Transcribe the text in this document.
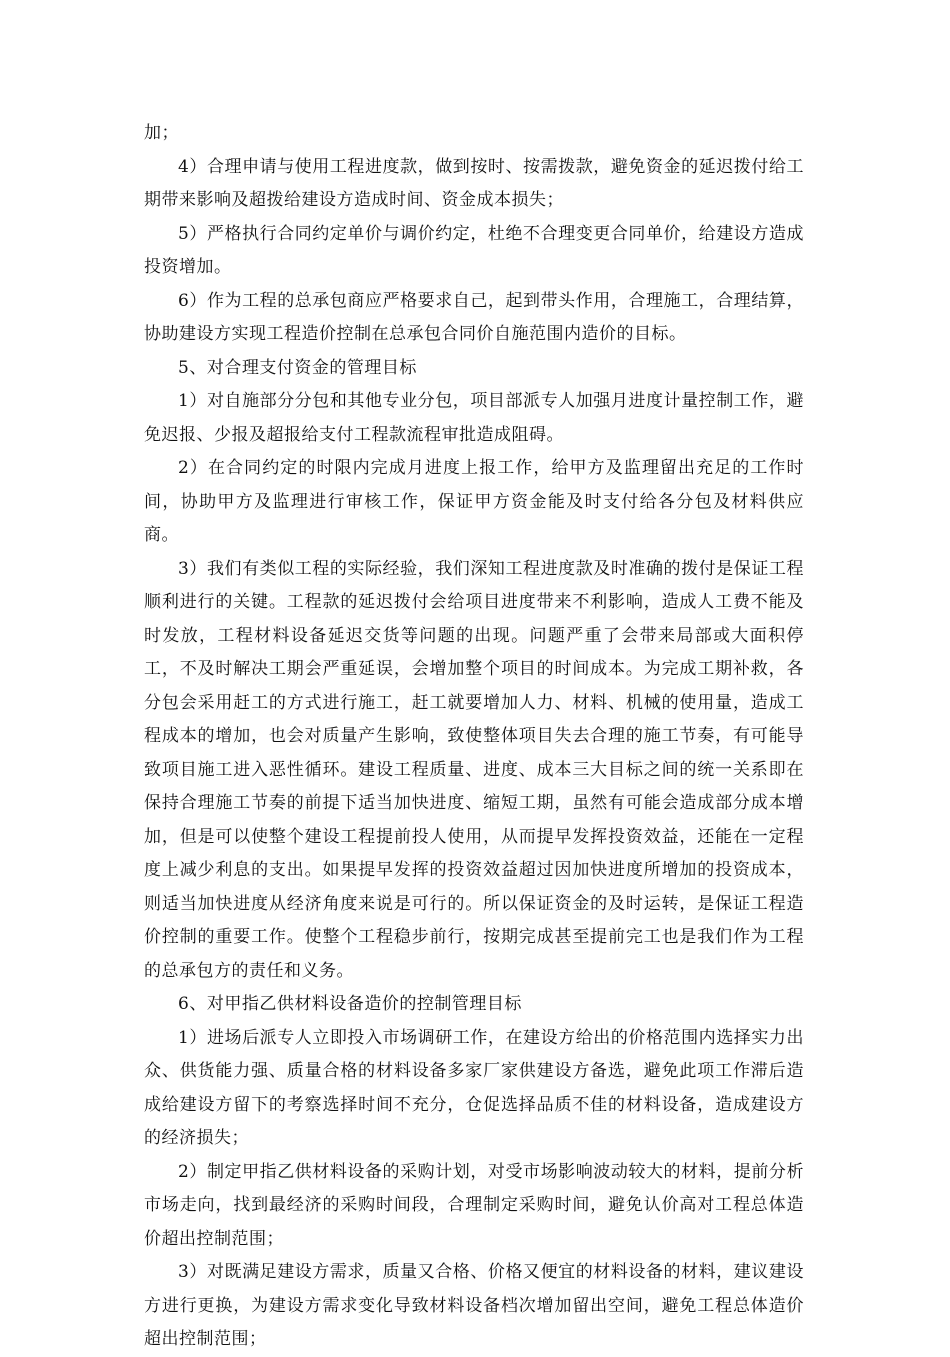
加；

4）合理申请与使用工程进度款，做到按时、按需拨款，避免资金的延迟拨付给工期带来影响及超拨给建设方造成时间、资金成本损失；

5）严格执行合同约定单价与调价约定，杜绝不合理变更合同单价，给建设方造成投资增加。

6）作为工程的总承包商应严格要求自己，起到带头作用，合理施工，合理结算，协助建设方实现工程造价控制在总承包合同价自施范围内造价的目标。

5、对合理支付资金的管理目标

1）对自施部分分包和其他专业分包，项目部派专人加强月进度计量控制工作，避免迟报、少报及超报给支付工程款流程审批造成阻碍。

2）在合同约定的时限内完成月进度上报工作，给甲方及监理留出充足的工作时间，协助甲方及监理进行审核工作，保证甲方资金能及时支付给各分包及材料供应商。

3）我们有类似工程的实际经验，我们深知工程进度款及时准确的拨付是保证工程顺利进行的关键。工程款的延迟拨付会给项目进度带来不利影响，造成人工费不能及时发放，工程材料设备延迟交货等问题的出现。问题严重了会带来局部或大面积停工，不及时解决工期会严重延误，会增加整个项目的时间成本。为完成工期补救，各分包会采用赶工的方式进行施工，赶工就要增加人力、材料、机械的使用量，造成工程成本的增加，也会对质量产生影响，致使整体项目失去合理的施工节奏，有可能导致项目施工进入恶性循环。建设工程质量、进度、成本三大目标之间的统一关系即在保持合理施工节奏的前提下适当加快进度、缩短工期，虽然有可能会造成部分成本增加，但是可以使整个建设工程提前投人使用，从而提早发挥投资效益，还能在一定程度上减少利息的支出。如果提早发挥的投资效益超过因加快进度所增加的投资成本，则适当加快进度从经济角度来说是可行的。所以保证资金的及时运转，是保证工程造价控制的重要工作。使整个工程稳步前行，按期完成甚至提前完工也是我们作为工程的总承包方的责任和义务。

6、对甲指乙供材料设备造价的控制管理目标

1）进场后派专人立即投入市场调研工作，在建设方给出的价格范围内选择实力出众、供货能力强、质量合格的材料设备多家厂家供建设方备选，避免此项工作滞后造成给建设方留下的考察选择时间不充分，仓促选择品质不佳的材料设备，造成建设方的经济损失；

2）制定甲指乙供材料设备的采购计划，对受市场影响波动较大的材料，提前分析市场走向，找到最经济的采购时间段，合理制定采购时间，避免认价高对工程总体造价超出控制范围；

3）对既满足建设方需求，质量又合格、价格又便宜的材料设备的材料，建议建设方进行更换，为建设方需求变化导致材料设备档次增加留出空间，避免工程总体造价超出控制范围；
